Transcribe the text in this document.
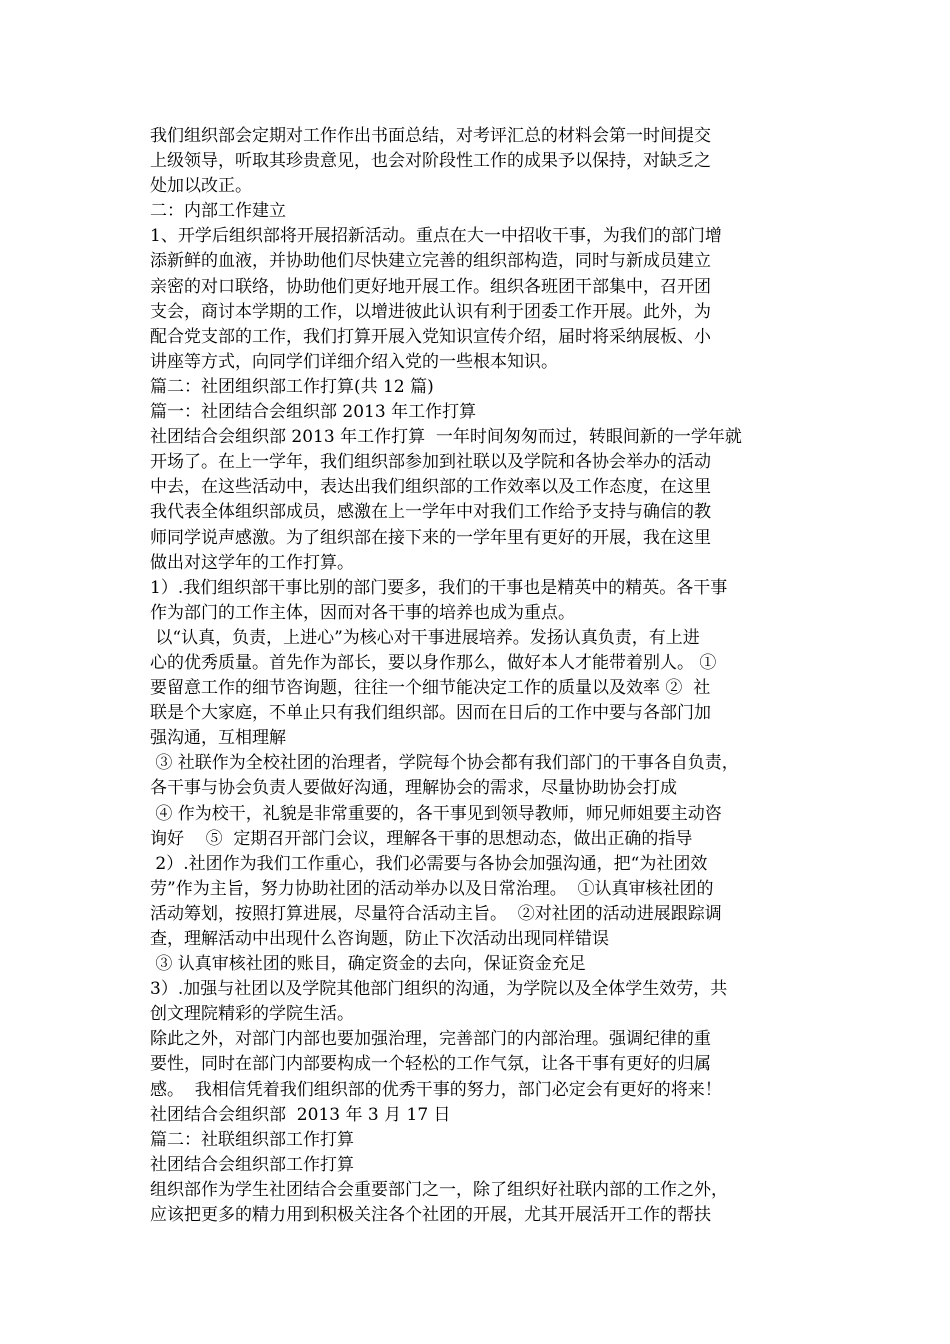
我们组织部会定期对工作作出书面总结，对考评汇总的材料会第一时间提交
上级领导，听取其珍贵意见，也会对阶段性工作的成果予以保持，对缺乏之
处加以改正。
二：内部工作建立
1、开学后组织部将开展招新活动。重点在大一中招收干事，为我们的部门增
添新鲜的血液，并协助他们尽快建立完善的组织部构造，同时与新成员建立
亲密的对口联络，协助他们更好地开展工作。组织各班团干部集中，召开团
支会，商讨本学期的工作，以增进彼此认识有利于团委工作开展。此外，为
配合党支部的工作，我们打算开展入党知识宣传介绍，届时将采纳展板、小
讲座等方式，向同学们详细介绍入党的一些根本知识。
篇二：社团组织部工作打算(共 12 篇)
篇一：社团结合会组织部 2013 年工作打算
社团结合会组织部 2013 年工作打算  一年时间匆匆而过，转眼间新的一学年就
开场了。在上一学年，我们组织部参加到社联以及学院和各协会举办的活动
中去，在这些活动中，表达出我们组织部的工作效率以及工作态度，在这里
我代表全体组织部成员，感激在上一学年中对我们工作给予支持与确信的教
师同学说声感激。为了组织部在接下来的一学年里有更好的开展，我在这里
做出对这学年的工作打算。
1）.我们组织部干事比别的部门要多，我们的干事也是精英中的精英。各干事
作为部门的工作主体，因而对各干事的培养也成为重点。
以“认真，负责，上进心”为核心对干事进展培养。发扬认真负责，有上进
心的优秀质量。首先作为部长，要以身作那么，做好本人才能带着别人。 ①
要留意工作的细节咨询题，往往一个细节能决定工作的质量以及效率 ②  社
联是个大家庭，不单止只有我们组织部。因而在日后的工作中要与各部门加
强沟通，互相理解
③ 社联作为全校社团的治理者，学院每个协会都有我们部门的干事各自负责，
各干事与协会负责人要做好沟通，理解协会的需求，尽量协助协会打成
④ 作为校干，礼貌是非常重要的，各干事见到领导教师，师兄师姐要主动咨
询好    ⑤  定期召开部门会议，理解各干事的思想动态，做出正确的指导
2）.社团作为我们工作重心，我们必需要与各协会加强沟通，把“为社团效
劳”作为主旨，努力协助社团的活动举办以及日常治理。  ①认真审核社团的
活动筹划，按照打算进展，尽量符合活动主旨。  ②对社团的活动进展跟踪调
查，理解活动中出现什么咨询题，防止下次活动出现同样错误
③ 认真审核社团的账目，确定资金的去向，保证资金充足
3）.加强与社团以及学院其他部门组织的沟通，为学院以及全体学生效劳，共
创文理院精彩的学院生活。
除此之外，对部门内部也要加强治理，完善部门的内部治理。强调纪律的重
要性，同时在部门内部要构成一个轻松的工作气氛，让各干事有更好的归属
感。  我相信凭着我们组织部的优秀干事的努力，部门必定会有更好的将来！
社团结合会组织部  2013 年 3 月 17 日
篇二：社联组织部工作打算
社团结合会组织部工作打算
组织部作为学生社团结合会重要部门之一，除了组织好社联内部的工作之外，
应该把更多的精力用到积极关注各个社团的开展，尤其开展活开工作的帮扶
